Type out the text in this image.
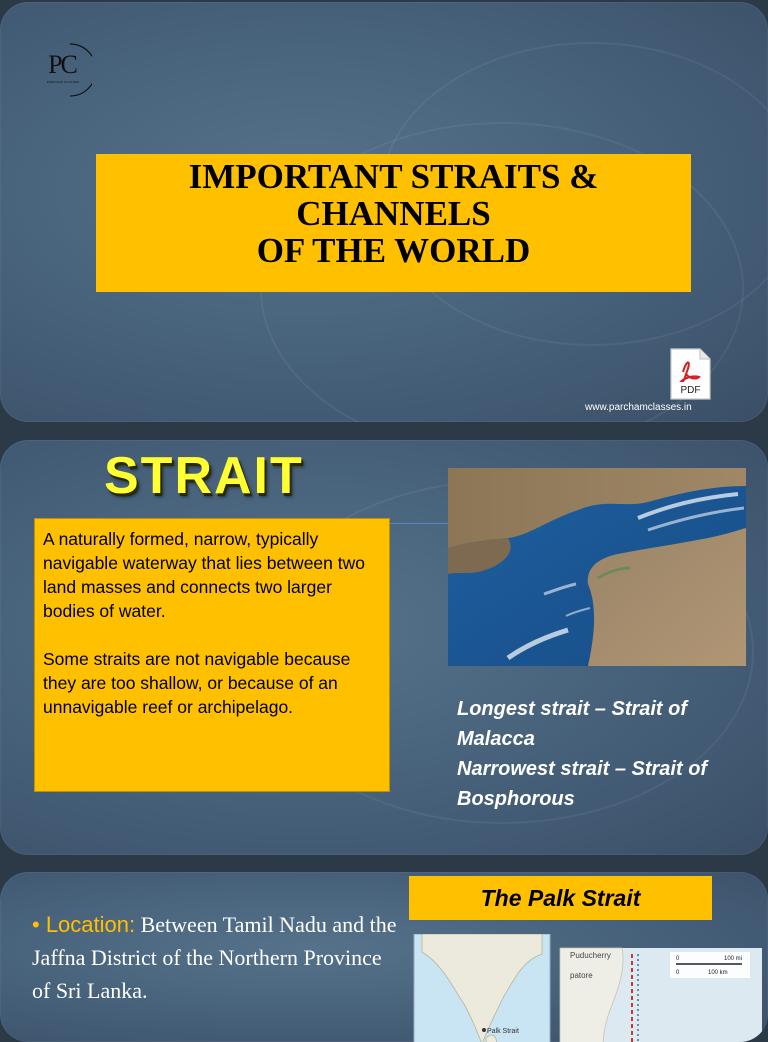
PC
PARCHAM CLASSES
IMPORTANT STRAITS &
CHANNELS
OF THE WORLD
PDF
www.parchamclasses.in
STRAIT
A naturally formed, narrow, typically navigable waterway that lies between two land masses and connects two larger bodies of water.
Some straits are not navigable because they are too shallow, or because of an unnavigable reef or archipelago.	Longest strait – Strait of Malacca
Narrowest strait – Strait of Bosphorous
• Location: Between Tamil Nadu and the Jaffna District of the Northern Province of Sri Lanka.
The Palk Strait
Palk Strait
Puducherry
patore
0	100 mi
0	100 km
